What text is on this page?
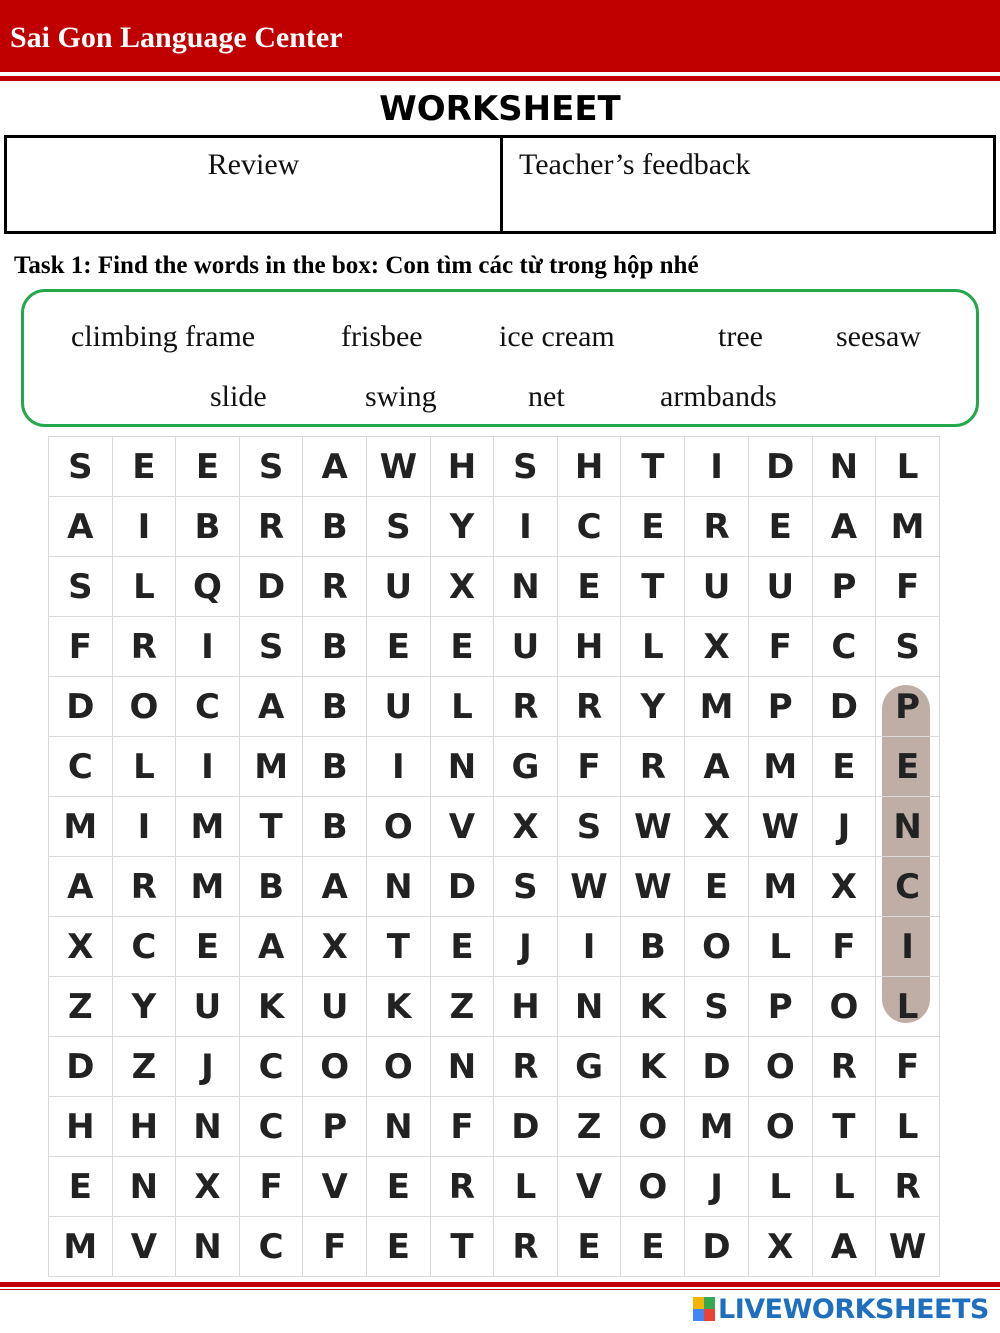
Sai Gon Language Center
WORKSHEET
Review	Teacher’s feedback
Task 1: Find the words in the box: Con tìm các từ trong hộp nhé
climbing frame	frisbee	ice cream	tree seesaw
slide	swing	net	armbands
S	E	E	S	A	W	H	S	H	T	I	D	N	L
A	I	B	R	B	S	Y	I	C	E	R	E	A	M
S	L	Q	D	R	U	X	N	E	T	U	U	P	F
F	R	I	S	B	E	E	U	H	L	X	F	C	S
D	O	C	A	B	U	L	R	R	Y	M	P	D	P
C	L	I	M	B	I	N	G	F	R	A	M	E	E
M	I	M	T	B	O	V	X	S	W	X	W	J	N
A	R	M	B	A	N	D	S	W	W	E	M	X	C
X	C	E	A	X	T	E	J	I	B	O	L	F	I
Z	Y	U	K	U	K	Z	H	N	K	S	P	O	L
D	Z	J	C	O	O	N	R	G	K	D	O	R	F
H	H	N	C	P	N	F	D	Z	O	M	O	T	L
E	N	X	F	V	E	R	L	V	O	J	L	L	R
M	V	N	C	F	E	T	R	E	E	D	X	A	W
LIVEWORKSHEETS
